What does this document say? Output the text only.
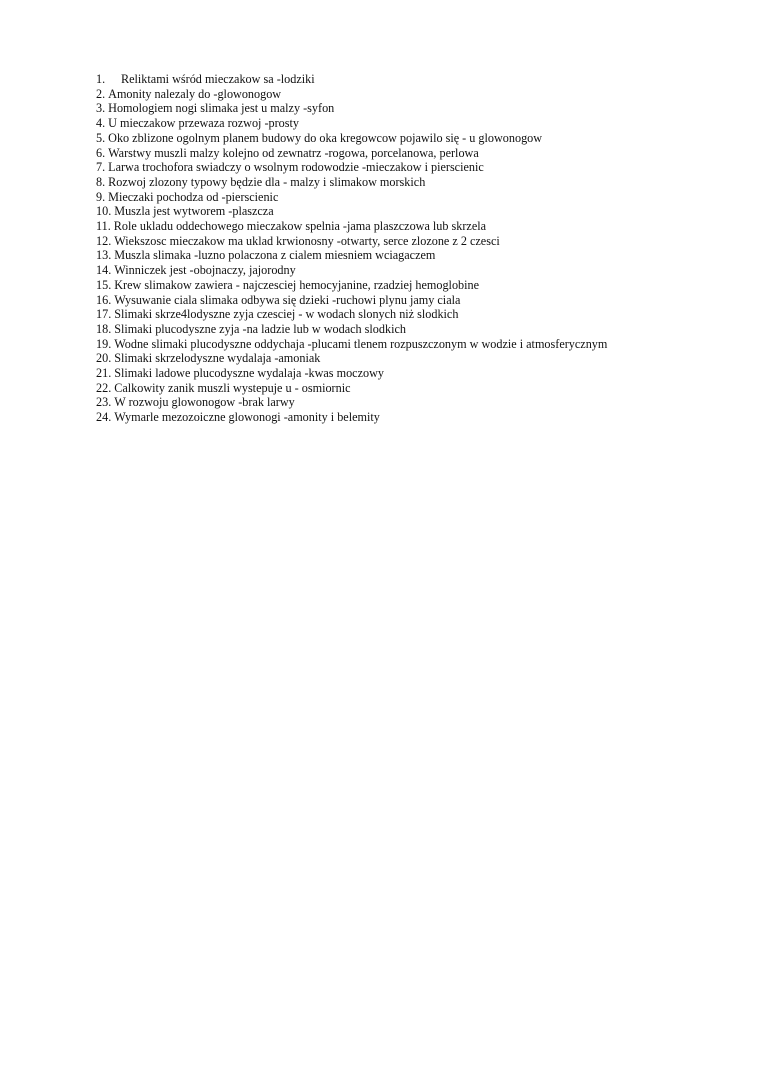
1. Reliktami wśród mieczakow sa -lodziki
2. Amonity nalezaly do -glowonogow
3. Homologiem nogi slimaka jest u malzy -syfon
4. U mieczakow przewaza rozwoj -prosty
5. Oko zblizone ogolnym planem budowy do oka kregowcow pojawilo się - u glowonogow
6. Warstwy muszli malzy kolejno od zewnatrz -rogowa, porcelanowa, perlowa
7. Larwa trochofora swiadczy o wsolnym rodowodzie -mieczakow i pierscienic
8. Rozwoj zlozony typowy będzie dla - malzy i slimakow morskich
9. Mieczaki pochodza od -pierscienic
10. Muszla jest wytworem -plaszcza
11. Role ukladu oddechowego mieczakow spelnia -jama plaszczowa lub skrzela
12. Wiekszosc mieczakow ma uklad krwionosny -otwarty, serce zlozone z 2 czesci
13. Muszla slimaka -luzno polaczona z cialem miesniem wciagaczem
14. Winniczek jest -obojnaczy, jajorodny
15. Krew slimakow zawiera - najczesciej hemocyjanine, rzadziej hemoglobine
16. Wysuwanie ciala slimaka odbywa się dzieki -ruchowi plynu jamy ciala
17. Slimaki skrze4lodyszne zyja czesciej - w wodach slonych niż slodkich
18. Slimaki plucodyszne zyja -na ladzie lub w wodach slodkich
19. Wodne slimaki plucodyszne oddychaja -plucami tlenem rozpuszczonym w wodzie i atmosferycznym
20. Slimaki skrzelodyszne wydalaja -amoniak
21. Slimaki ladowe plucodyszne wydalaja -kwas moczowy
22. Calkowity zanik muszli wystepuje u - osmiornic
23. W rozwoju glowonogow -brak larwy
24. Wymarle mezozoiczne glowonogi -amonity i belemity
